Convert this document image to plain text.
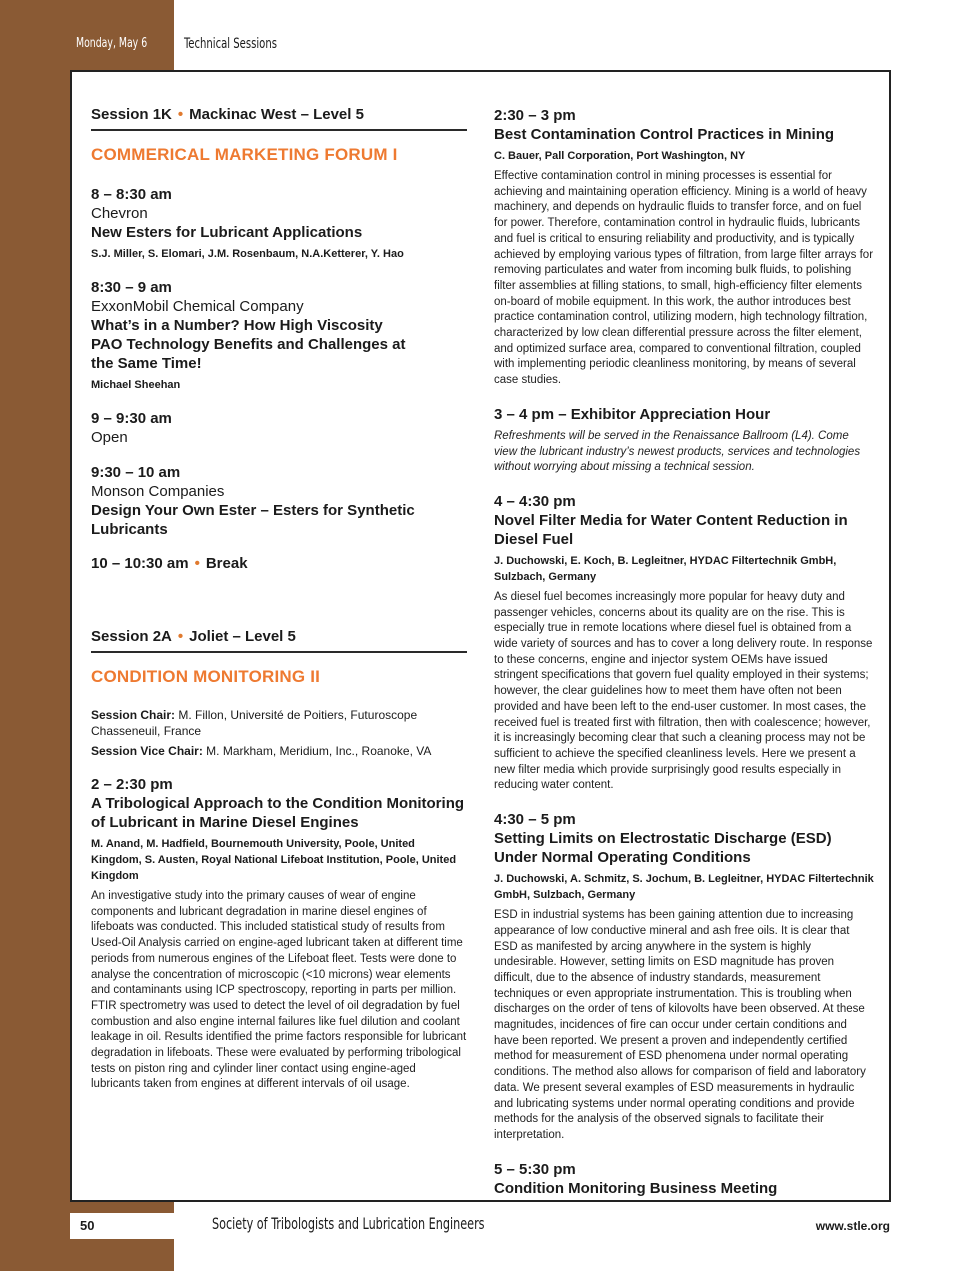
Monday, May 6	Technical Sessions
Session 1K • Mackinac West – Level 5
COMMERICAL MARKETING FORUM I
8 – 8:30 am
Chevron
New Esters for Lubricant Applications
S.J. Miller, S. Elomari, J.M. Rosenbaum, N.A.Ketterer, Y. Hao
8:30 – 9 am
ExxonMobil Chemical Company
What’s in a Number? How High Viscosity PAO Technology Benefits and Challenges at the Same Time!
Michael Sheehan
9 – 9:30 am
Open
9:30 – 10 am
Monson Companies
Design Your Own Ester – Esters for Synthetic Lubricants
10 – 10:30 am • Break
Session 2A • Joliet – Level 5
CONDITION MONITORING II
Session Chair: M. Fillon, Université de Poitiers, Futuroscope Chasseneuil, France
Session Vice Chair: M. Markham, Meridium, Inc., Roanoke, VA
2 – 2:30 pm
A Tribological Approach to the Condition Monitoring of Lubricant in Marine Diesel Engines
M. Anand, M. Hadfield, Bournemouth University, Poole, United Kingdom, S. Austen, Royal National Lifeboat Institution, Poole, United Kingdom
An investigative study into the primary causes of wear of engine components and lubricant degradation in marine diesel engines of lifeboats was conducted. This included statistical study of results from Used-Oil Analysis carried on engine-aged lubricant taken at different time periods from numerous engines of the Lifeboat fleet. Tests were done to analyse the concentration of microscopic (<10 microns) wear elements and contaminants using ICP spectroscopy, reporting in parts per million. FTIR spectrometry was used to detect the level of oil degradation by fuel combustion and also engine internal failures like fuel dilution and coolant leakage in oil. Results identified the prime factors responsible for lubricant degradation in lifeboats. These were evaluated by performing tribological tests on piston ring and cylinder liner contact using engine-aged lubricants taken from engines at different intervals of oil usage.
2:30 – 3 pm
Best Contamination Control Practices in Mining
C. Bauer, Pall Corporation, Port Washington, NY
Effective contamination control in mining processes is essential for achieving and maintaining operation efficiency. Mining is a world of heavy machinery, and depends on hydraulic fluids to transfer force, and on fuel for power. Therefore, contamination control in hydraulic fluids, lubricants and fuel is critical to ensuring reliability and productivity, and is typically achieved by employing various types of filtration, from large filter arrays for removing particulates and water from incoming bulk fluids, to polishing filter assemblies at filling stations, to small, high-efficiency filter elements on-board of mobile equipment. In this work, the author introduces best practice contamination control, utilizing modern, high technology filtration, characterized by low clean differential pressure across the filter element, and optimized surface area, compared to conventional filtration, coupled with implementing periodic cleanliness monitoring, by means of several case studies.
3 – 4 pm – Exhibitor Appreciation Hour
Refreshments will be served in the Renaissance Ballroom (L4). Come view the lubricant industry’s newest products, services and technologies without worrying about missing a technical session.
4 – 4:30 pm
Novel Filter Media for Water Content Reduction in Diesel Fuel
J. Duchowski, E. Koch, B. Legleitner, HYDAC Filtertechnik GmbH, Sulzbach, Germany
As diesel fuel becomes increasingly more popular for heavy duty and passenger vehicles, concerns about its quality are on the rise. This is especially true in remote locations where diesel fuel is obtained from a wide variety of sources and has to cover a long delivery route. In response to these concerns, engine and injector system OEMs have issued stringent specifications that govern fuel quality employed in their systems; however, the clear guidelines how to meet them have often not been provided and have been left to the end-user customer. In most cases, the received fuel is treated first with filtration, then with coalescence; however, it is increasingly becoming clear that such a cleaning process may not be sufficient to achieve the specified cleanliness levels. Here we present a new filter media which provide surprisingly good results especially in reducing water content.
4:30 – 5 pm
Setting Limits on Electrostatic Discharge (ESD) Under Normal Operating Conditions
J. Duchowski, A. Schmitz, S. Jochum, B. Legleitner, HYDAC Filtertechnik GmbH, Sulzbach, Germany
ESD in industrial systems has been gaining attention due to increasing appearance of low conductive mineral and ash free oils. It is clear that ESD as manifested by arcing anywhere in the system is highly undesirable. However, setting limits on ESD magnitude has proven difficult, due to the absence of industry standards, measurement techniques or even appropriate instrumentation. This is troubling when discharges on the order of tens of kilovolts have been observed. At these magnitudes, incidences of fire can occur under certain conditions and have been reported. We present a proven and independently certified method for measurement of ESD phenomena under normal operating conditions. The method also allows for comparison of field and laboratory data. We present several examples of ESD measurements in hydraulic and lubricating systems under normal operating conditions and provide methods for the analysis of the observed signals to facilitate their interpretation.
5 – 5:30 pm
Condition Monitoring Business Meeting
50	Society of Tribologists and Lubrication Engineers	www.stle.org
